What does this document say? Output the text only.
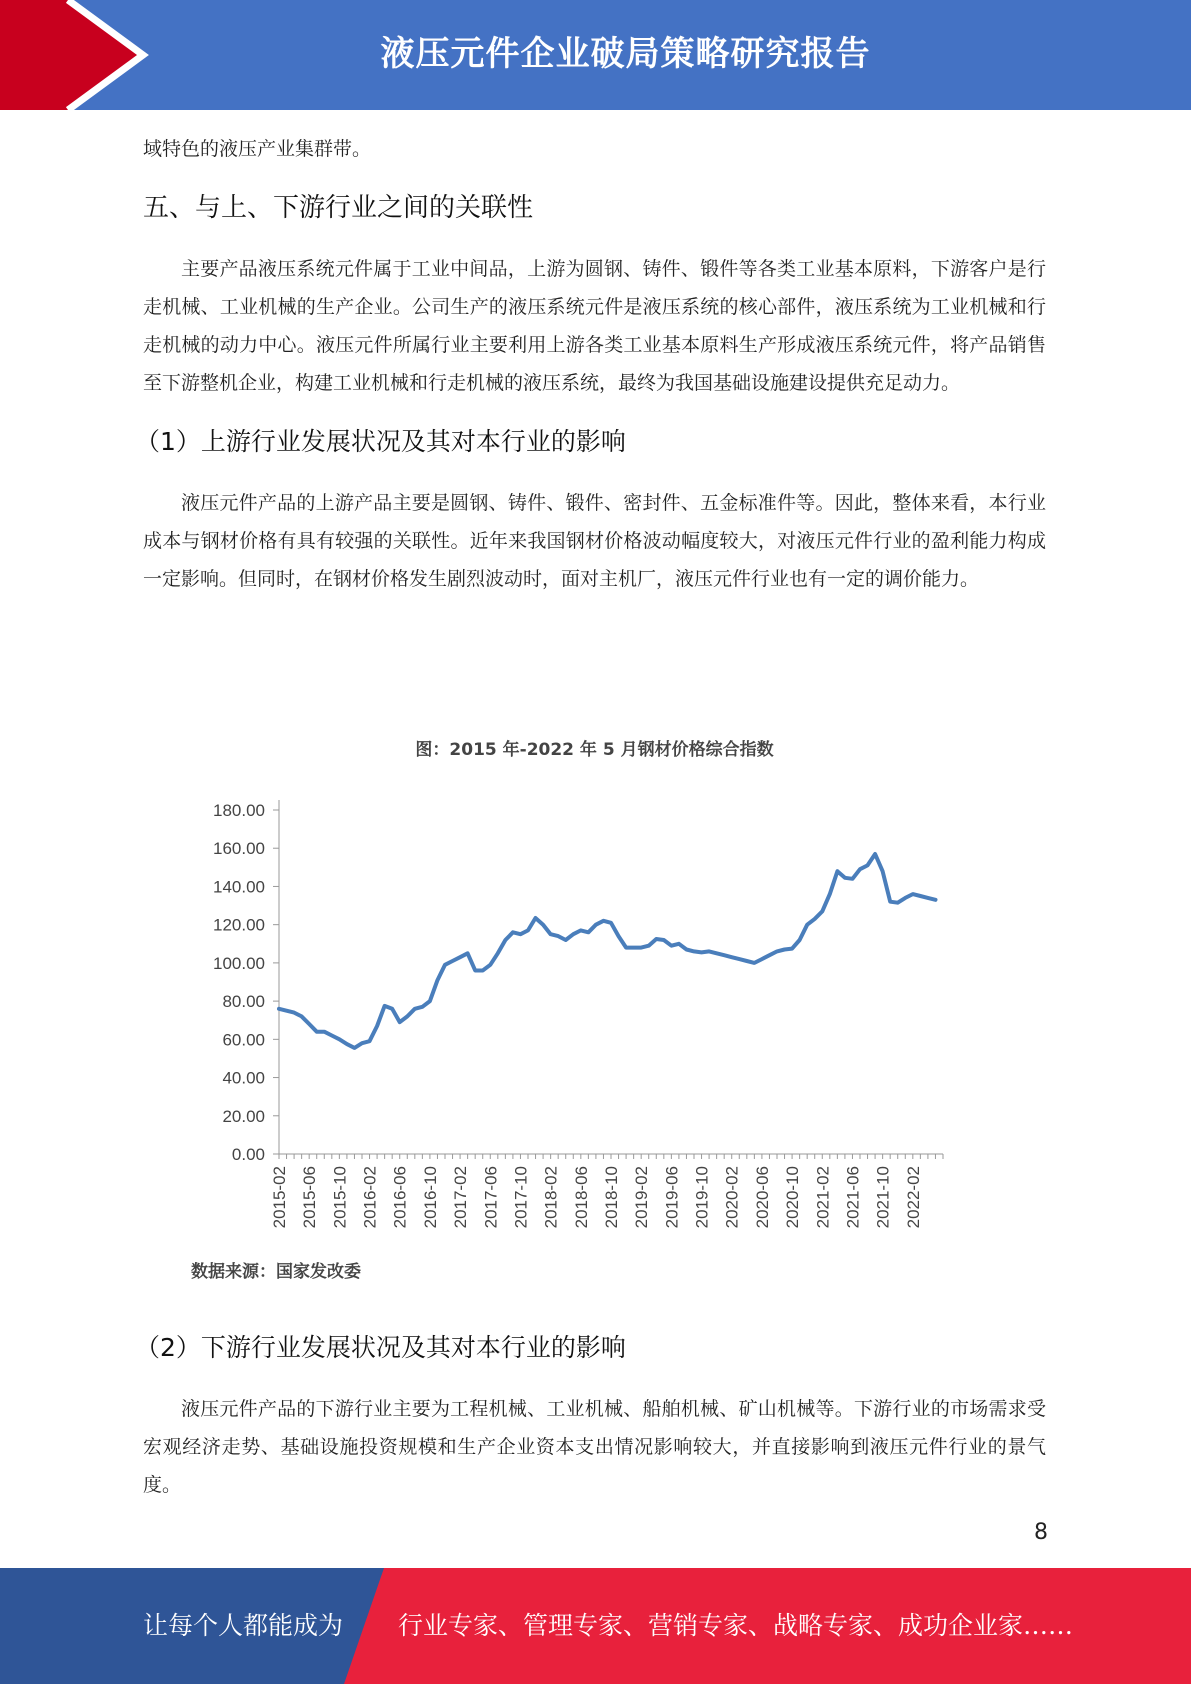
液压元件企业破局策略研究报告

域特色的液压产业集群带。

五、与上、下游行业之间的关联性

主要产品液压系统元件属于工业中间品，上游为圆钢、铸件、锻件等各类工业基本原料，下游客户是行走机械、工业机械的生产企业。公司生产的液压系统元件是液压系统的核心部件，液压系统为工业机械和行走机械的动力中心。液压元件所属行业主要利用上游各类工业基本原料生产形成液压系统元件，将产品销售至下游整机企业，构建工业机械和行走机械的液压系统，最终为我国基础设施建设提供充足动力。

（1）上游行业发展状况及其对本行业的影响

液压元件产品的上游产品主要是圆钢、铸件、锻件、密封件、五金标准件等。因此，整体来看，本行业成本与钢材价格有具有较强的关联性。近年来我国钢材价格波动幅度较大，对液压元件行业的盈利能力构成一定影响。但同时，在钢材价格发生剧烈波动时，面对主机厂，液压元件行业也有一定的调价能力。

0.00
20.00
40.00
60.00
80.00
100.00
120.00
140.00
160.00
180.00
2015-02 2015-06 2015-10 2016-02 2016-06 2016-10 2017-02 2017-06 2017-10 2018-02 2018-06 2018-10 2019-02 2019-06 2019-10 2020-02 2020-06 2020-10 2021-02 2021-06 2021-10 2022-02
图：2015 年-2022 年 5 月钢材价格综合指数
数据来源：国家发改委
（2）下游行业发展状况及其对本行业的影响

液压元件产品的下游行业主要为工程机械、工业机械、船舶机械、矿山机械等。下游行业的市场需求受宏观经济走势、基础设施投资规模和生产企业资本支出情况影响较大，并直接影响到液压元件行业的景气度。

8
让每个人都能成为 行业专家、管理专家、营销专家、战略专家、成功企业家……
